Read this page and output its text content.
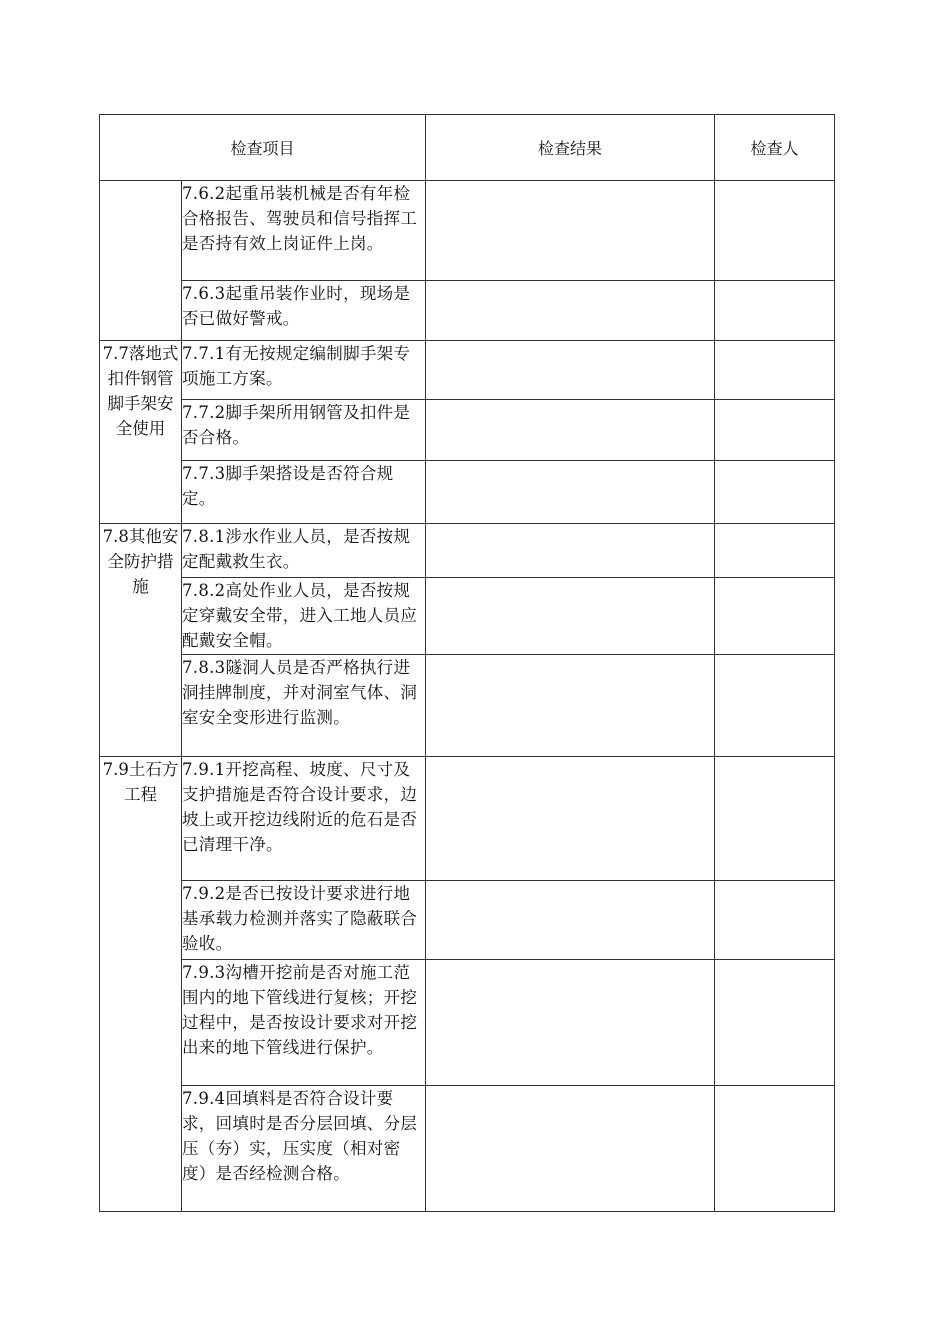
检查项目		检查结果	检查人
	7.6.2起重吊装机械是否有年检合格报告、驾驶员和信号指挥工是否持有效上岗证件上岗。		
	7.6.3起重吊装作业时，现场是否已做好警戒。		
7.7落地式扣件钢管脚手架安全使用	7.7.1有无按规定编制脚手架专项施工方案。		
	7.7.2脚手架所用钢管及扣件是否合格。		
	7.7.3脚手架搭设是否符合规定。		
7.8其他安全防护措施	7.8.1涉水作业人员，是否按规定配戴救生衣。		
	7.8.2高处作业人员，是否按规定穿戴安全带，进入工地人员应配戴安全帽。		
	7.8.3隧洞人员是否严格执行进洞挂牌制度，并对洞室气体、洞室安全变形进行监测。		
7.9土石方工程	7.9.1开挖高程、坡度、尺寸及支护措施是否符合设计要求，边坡上或开挖边线附近的危石是否已清理干净。		
	7.9.2是否已按设计要求进行地基承载力检测并落实了隐蔽联合验收。		
	7.9.3沟槽开挖前是否对施工范围内的地下管线进行复核；开挖过程中，是否按设计要求对开挖出来的地下管线进行保护。		
	7.9.4回填料是否符合设计要求，回填时是否分层回填、分层压（夯）实，压实度（相对密度）是否经检测合格。		
